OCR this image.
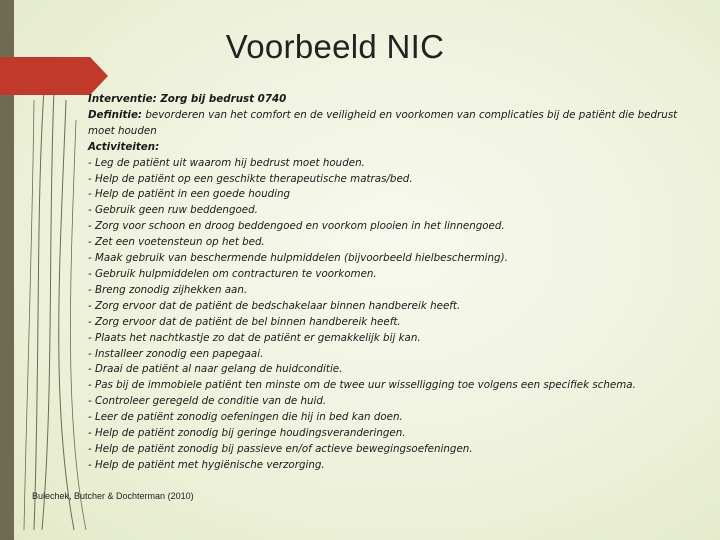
Voorbeeld NIC
Interventie: Zorg bij bedrust 0740
Definitie: bevorderen van het comfort en de veiligheid en voorkomen van complicaties bij de patiënt die bedrust moet houden
Activiteiten:
- Leg de patiënt uit waarom hij bedrust moet houden.
- Help de patiënt op een geschikte therapeutische matras/bed.
- Help de patiënt in een goede houding
- Gebruik geen ruw beddengoed.
- Zorg voor schoon en droog beddengoed en voorkom plooien in het linnengoed.
- Zet een voetensteun op het bed.
- Maak gebruik van beschermende hulpmiddelen (bijvoorbeeld hielbescherming).
- Gebruik hulpmiddelen om contracturen te voorkomen.
- Breng zonodig zijhekken aan.
- Zorg ervoor dat de patiënt de bedschakelaar binnen handbereik heeft.
- Zorg ervoor dat de patiënt de bel binnen handbereik heeft.
- Plaats het nachtkastje zo dat de patiënt er gemakkelijk bij kan.
- Installeer zonodig een papegaai.
- Draai de patiënt al naar gelang de huidconditie.
- Pas bij de immobiele patiënt ten minste om de twee uur wisselligging toe volgens een specifiek schema.
- Controleer geregeld de conditie van de huid.
- Leer de patiënt zonodig oefeningen die hij in bed kan doen.
- Help de patiënt zonodig bij geringe houdingsveranderingen.
- Help de patiënt zonodig bij passieve en/of actieve bewegingsoefeningen.
- Help de patiënt met hygiënische verzorging.
Bulechek, Butcher & Dochterman (2010)
